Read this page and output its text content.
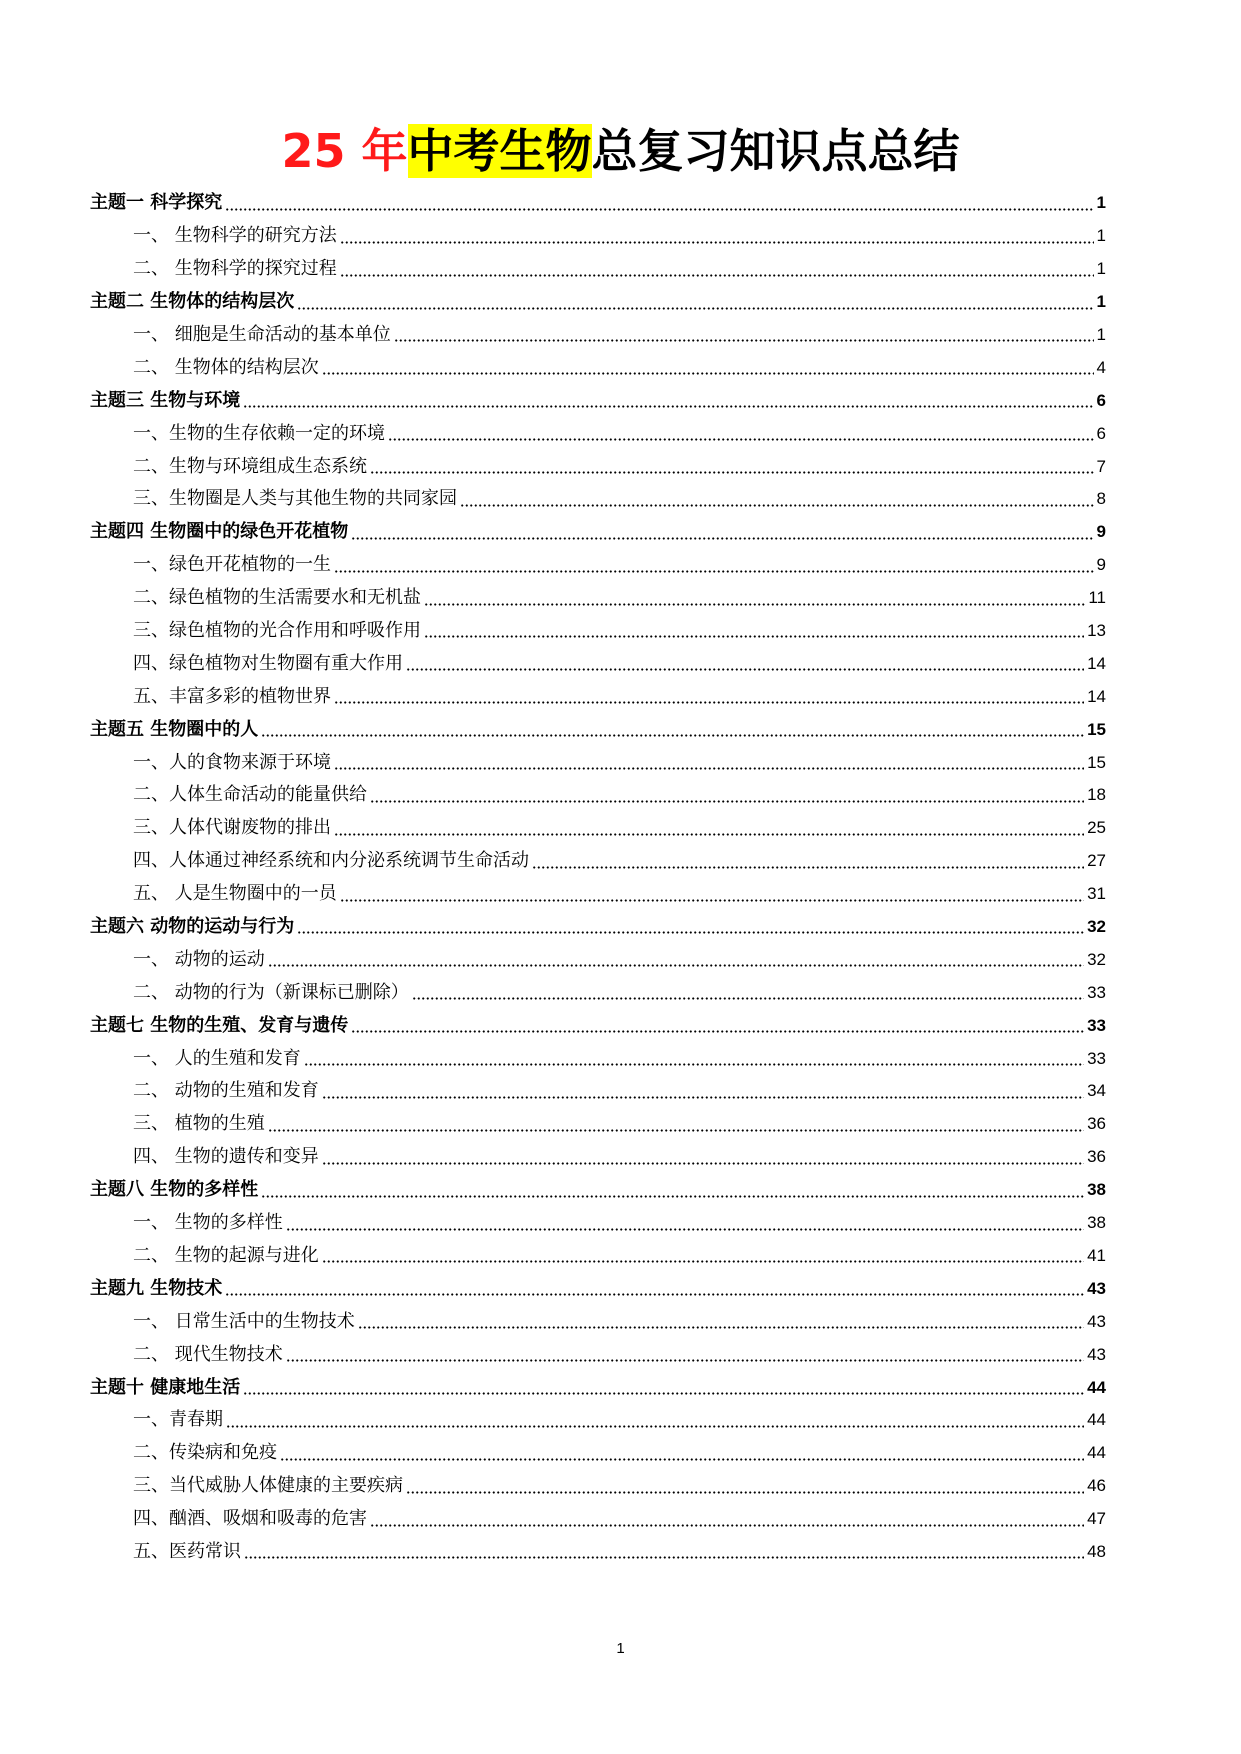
25 年中考生物总复习知识点总结
主题一 科学探究	1
一、 生物科学的研究方法	1
二、 生物科学的探究过程	1
主题二 生物体的结构层次	1
一、 细胞是生命活动的基本单位	1
二、 生物体的结构层次	4
主题三 生物与环境	6
一、生物的生存依赖一定的环境	6
二、生物与环境组成生态系统	7
三、生物圈是人类与其他生物的共同家园	8
主题四 生物圈中的绿色开花植物	9
一、绿色开花植物的一生	9
二、绿色植物的生活需要水和无机盐	11
三、绿色植物的光合作用和呼吸作用	13
四、绿色植物对生物圈有重大作用	14
五、丰富多彩的植物世界	14
主题五 生物圈中的人	15
一、人的食物来源于环境	15
二、人体生命活动的能量供给	18
三、人体代谢废物的排出	25
四、人体通过神经系统和内分泌系统调节生命活动	27
五、 人是生物圈中的一员	31
主题六 动物的运动与行为	32
一、 动物的运动	32
二、 动物的行为（新课标已删除）	33
主题七 生物的生殖、发育与遗传	33
一、 人的生殖和发育	33
二、 动物的生殖和发育	34
三、 植物的生殖	36
四、 生物的遗传和变异	36
主题八 生物的多样性	38
一、 生物的多样性	38
二、 生物的起源与进化	41
主题九 生物技术	43
一、 日常生活中的生物技术	43
二、 现代生物技术	43
主题十 健康地生活	44
一、青春期	44
二、传染病和免疫	44
三、当代威胁人体健康的主要疾病	46
四、酗酒、吸烟和吸毒的危害	47
五、医药常识	48
1
